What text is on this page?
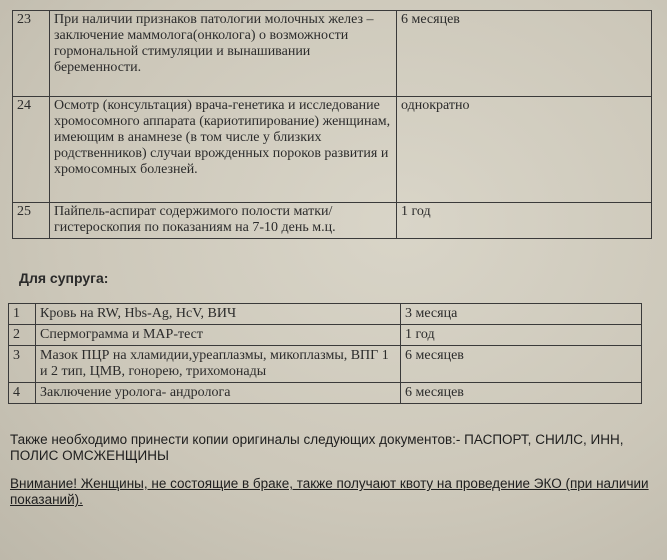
23	При наличии признаков патологии молочных желез – заключение маммолога(онколога) о возможности гормональной стимуляции и вынашивании беременности.	6 месяцев
24	Осмотр (консультация) врача-генетика и исследование хромосомного аппарата (кариотипирование) женщинам, имеющим в анамнезе (в том числе у близких родственников) случаи врожденных пороков развития и хромосомных болезней.	однократно
25	Пайпель-аспират содержимого полости матки/ гистероскопия по показаниям на 7-10 день м.ц.	1 год
Для супруга:
1	Кровь на RW, Hbs-Ag, HcV, ВИЧ	3 месяца
2	Спермограмма и MAP-тест	1 год
3	Мазок ПЦР на хламидии,уреаплазмы, микоплазмы, ВПГ 1 и 2 тип, ЦМВ, гонорею, трихомонады	6 месяцев
4	Заключение уролога- андролога	6 месяцев
Также необходимо принести копии оригиналы следующих документов:- ПАСПОРТ, СНИЛС, ИНН, ПОЛИС ОМСЖЕНЩИНЫ
Внимание! Женщины, не состоящие в браке, также получают квоту на проведение ЭКО (при наличии показаний).
